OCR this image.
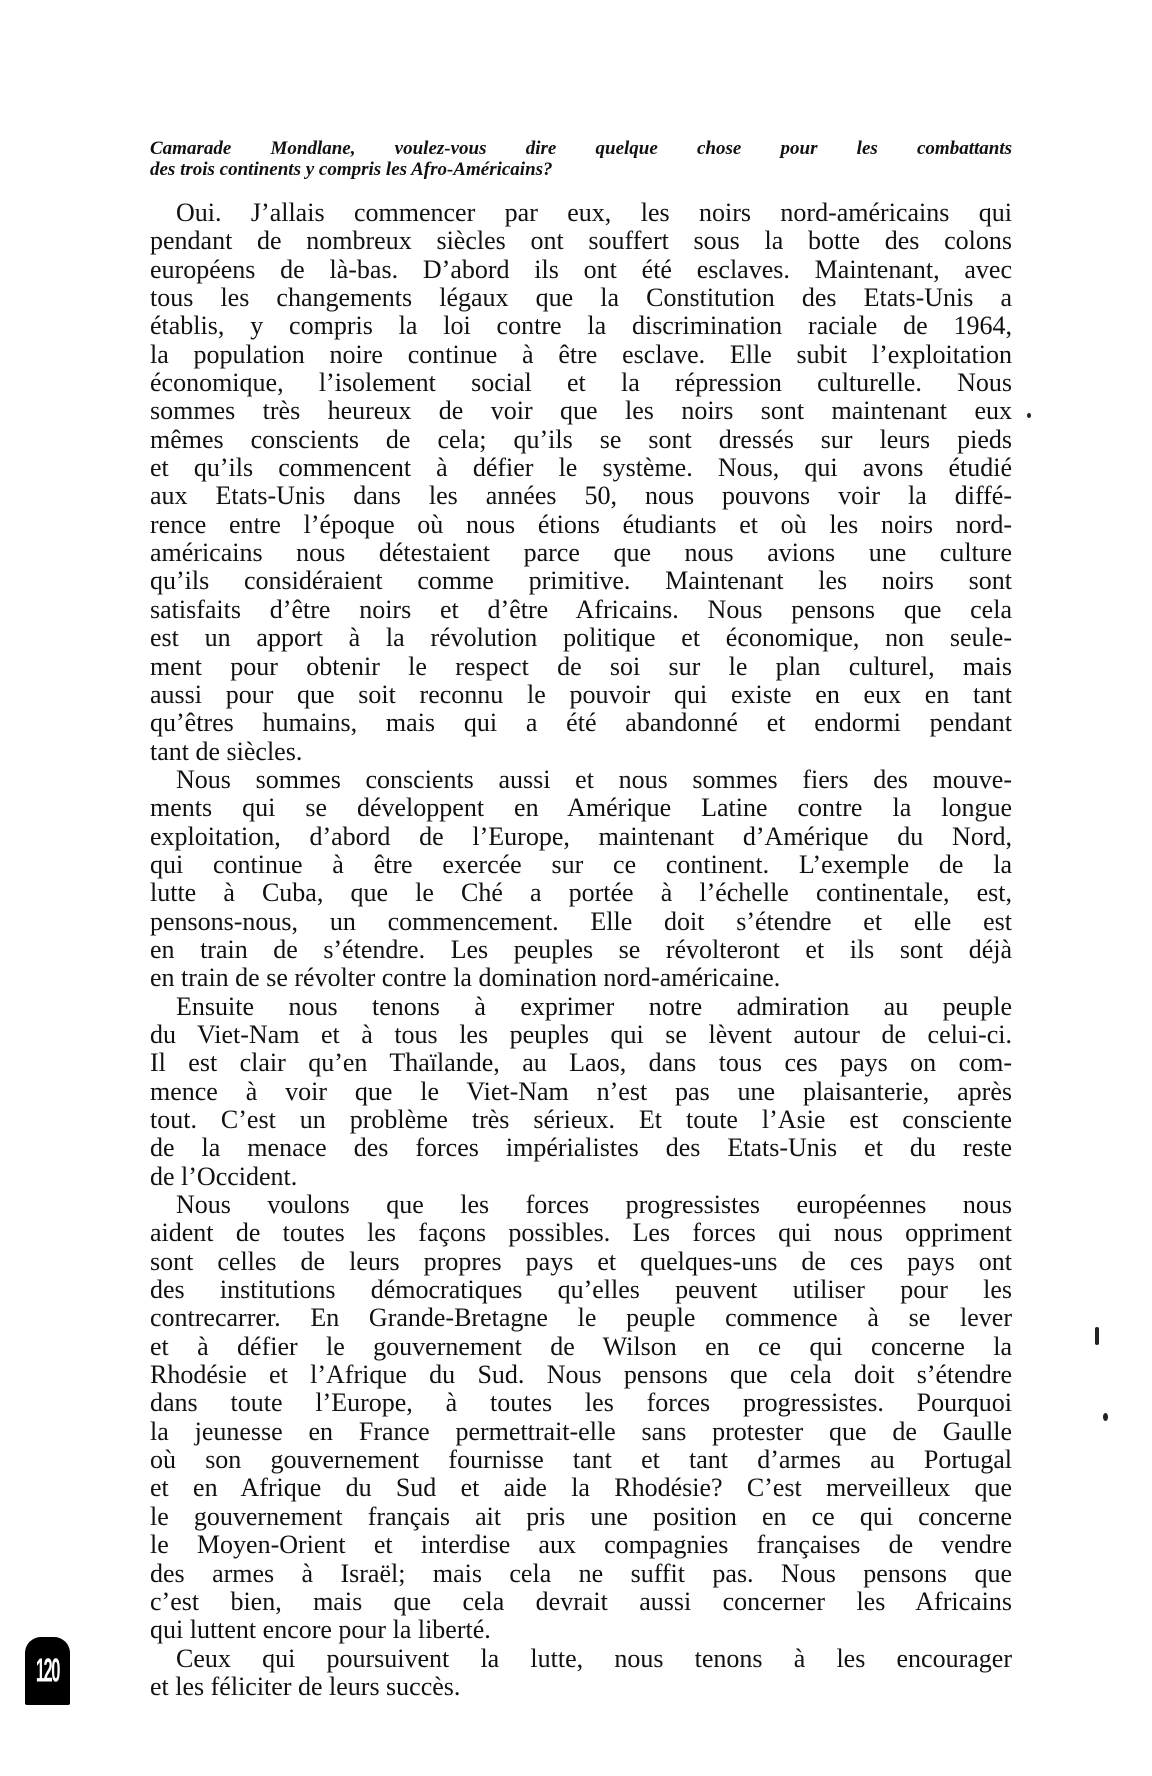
Camarade Mondlane, voulez-vous dire quelque chose pour les combattants
des trois continents y compris les Afro-Américains?
Oui. J’allais commencer par eux, les noirs nord-américains qui
pendant de nombreux siècles ont souffert sous la botte des colons
européens de là-bas. D’abord ils ont été esclaves. Maintenant, avec
tous les changements légaux que la Constitution des Etats-Unis a
établis, y compris la loi contre la discrimination raciale de 1964,
la population noire continue à être esclave. Elle subit l’exploitation
économique, l’isolement social et la répression culturelle. Nous
sommes très heureux de voir que les noirs sont maintenant eux
mêmes conscients de cela; qu’ils se sont dressés sur leurs pieds
et qu’ils commencent à défier le système. Nous, qui avons étudié
aux Etats-Unis dans les années 50, nous pouvons voir la diffé-
rence entre l’époque où nous étions étudiants et où les noirs nord-
américains nous détestaient parce que nous avions une culture
qu’ils considéraient comme primitive. Maintenant les noirs sont
satisfaits d’être noirs et d’être Africains. Nous pensons que cela
est un apport à la révolution politique et économique, non seule-
ment pour obtenir le respect de soi sur le plan culturel, mais
aussi pour que soit reconnu le pouvoir qui existe en eux en tant
qu’êtres humains, mais qui a été abandonné et endormi pendant
tant de siècles.
Nous sommes conscients aussi et nous sommes fiers des mouve-
ments qui se développent en Amérique Latine contre la longue
exploitation, d’abord de l’Europe, maintenant d’Amérique du Nord,
qui continue à être exercée sur ce continent. L’exemple de la
lutte à Cuba, que le Ché a portée à l’échelle continentale, est,
pensons-nous, un commencement. Elle doit s’étendre et elle est
en train de s’étendre. Les peuples se révolteront et ils sont déjà
en train de se révolter contre la domination nord-américaine.
Ensuite nous tenons à exprimer notre admiration au peuple
du Viet-Nam et à tous les peuples qui se lèvent autour de celui-ci.
Il est clair qu’en Thaïlande, au Laos, dans tous ces pays on com-
mence à voir que le Viet-Nam n’est pas une plaisanterie, après
tout. C’est un problème très sérieux. Et toute l’Asie est consciente
de la menace des forces impérialistes des Etats-Unis et du reste
de l’Occident.
Nous voulons que les forces progressistes européennes nous
aident de toutes les façons possibles. Les forces qui nous oppriment
sont celles de leurs propres pays et quelques-uns de ces pays ont
des institutions démocratiques qu’elles peuvent utiliser pour les
contrecarrer. En Grande-Bretagne le peuple commence à se lever
et à défier le gouvernement de Wilson en ce qui concerne la
Rhodésie et l’Afrique du Sud. Nous pensons que cela doit s’étendre
dans toute l’Europe, à toutes les forces progressistes. Pourquoi
la jeunesse en France permettrait-elle sans protester que de Gaulle
où son gouvernement fournisse tant et tant d’armes au Portugal
et en Afrique du Sud et aide la Rhodésie? C’est merveilleux que
le gouvernement français ait pris une position en ce qui concerne
le Moyen-Orient et interdise aux compagnies françaises de vendre
des armes à Israël; mais cela ne suffit pas. Nous pensons que
c’est bien, mais que cela devrait aussi concerner les Africains
qui luttent encore pour la liberté.
Ceux qui poursuivent la lutte, nous tenons à les encourager
et les féliciter de leurs succès.
120
